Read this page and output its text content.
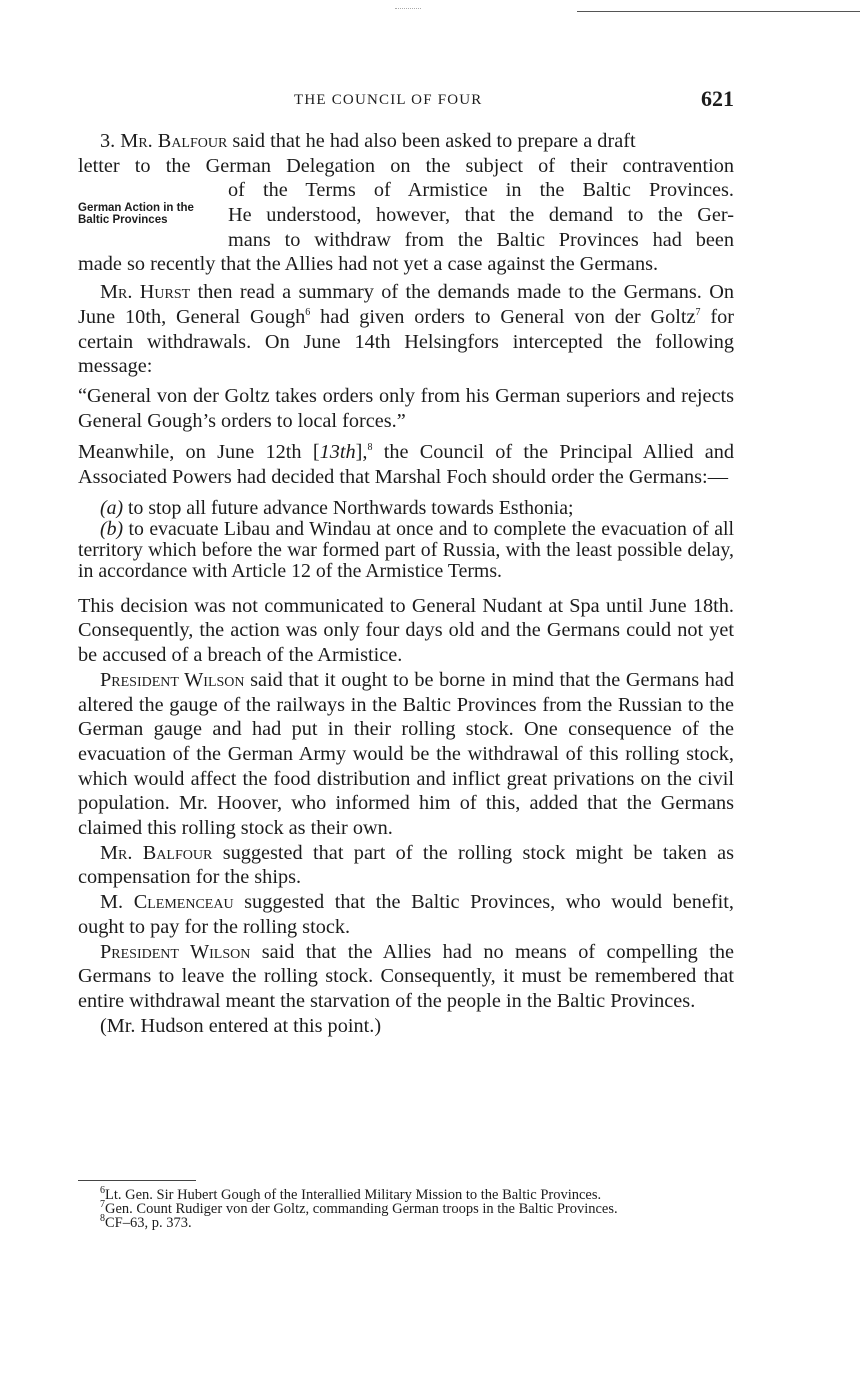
THE COUNCIL OF FOUR	621

3. Mr. Balfour said that he had also been asked to prepare a draft

letter to the German Delegation on the subject of their contravention

German Action in the Baltic Provinces
of the Terms of Armistice in the Baltic Provinces.
He understood, however, that the demand to the Ger-
mans to withdraw from the Baltic Provinces had been

made so recently that the Allies had not yet a case against the Germans.

Mr. Hurst then read a summary of the demands made to the Germans. On June 10th, General Gough$^6$ had given orders to General von der Goltz$^7$ for certain withdrawals. On June 14th Helsingfors intercepted the following message:

“General von der Goltz takes orders only from his German superiors and rejects General Gough’s orders to local forces.”

Meanwhile, on June 12th [13th],$^8$ the Council of the Principal Allied and Associated Powers had decided that Marshal Foch should order the Germans:—

(a) to stop all future advance Northwards towards Esthonia;

(b) to evacuate Libau and Windau at once and to complete the evacuation of all territory which before the war formed part of Russia, with the least possible delay, in accordance with Article 12 of the Armistice Terms.

This decision was not communicated to General Nudant at Spa until June 18th. Consequently, the action was only four days old and the Germans could not yet be accused of a breach of the Armistice.

President Wilson said that it ought to be borne in mind that the Germans had altered the gauge of the railways in the Baltic Provinces from the Russian to the German gauge and had put in their rolling stock. One consequence of the evacuation of the German Army would be the withdrawal of this rolling stock, which would affect the food distribution and inflict great privations on the civil population. Mr. Hoover, who informed him of this, added that the Germans claimed this rolling stock as their own.

Mr. Balfour suggested that part of the rolling stock might be taken as compensation for the ships.

M. Clemenceau suggested that the Baltic Provinces, who would benefit, ought to pay for the rolling stock.

President Wilson said that the Allies had no means of compelling the Germans to leave the rolling stock. Consequently, it must be remembered that entire withdrawal meant the starvation of the people in the Baltic Provinces.

(Mr. Hudson entered at this point.)

$^6$Lt. Gen. Sir Hubert Gough of the Interallied Military Mission to the Baltic Provinces.

$^7$Gen. Count Rudiger von der Goltz, commanding German troops in the Baltic Provinces.

$^8$CF–63, p. 373.
